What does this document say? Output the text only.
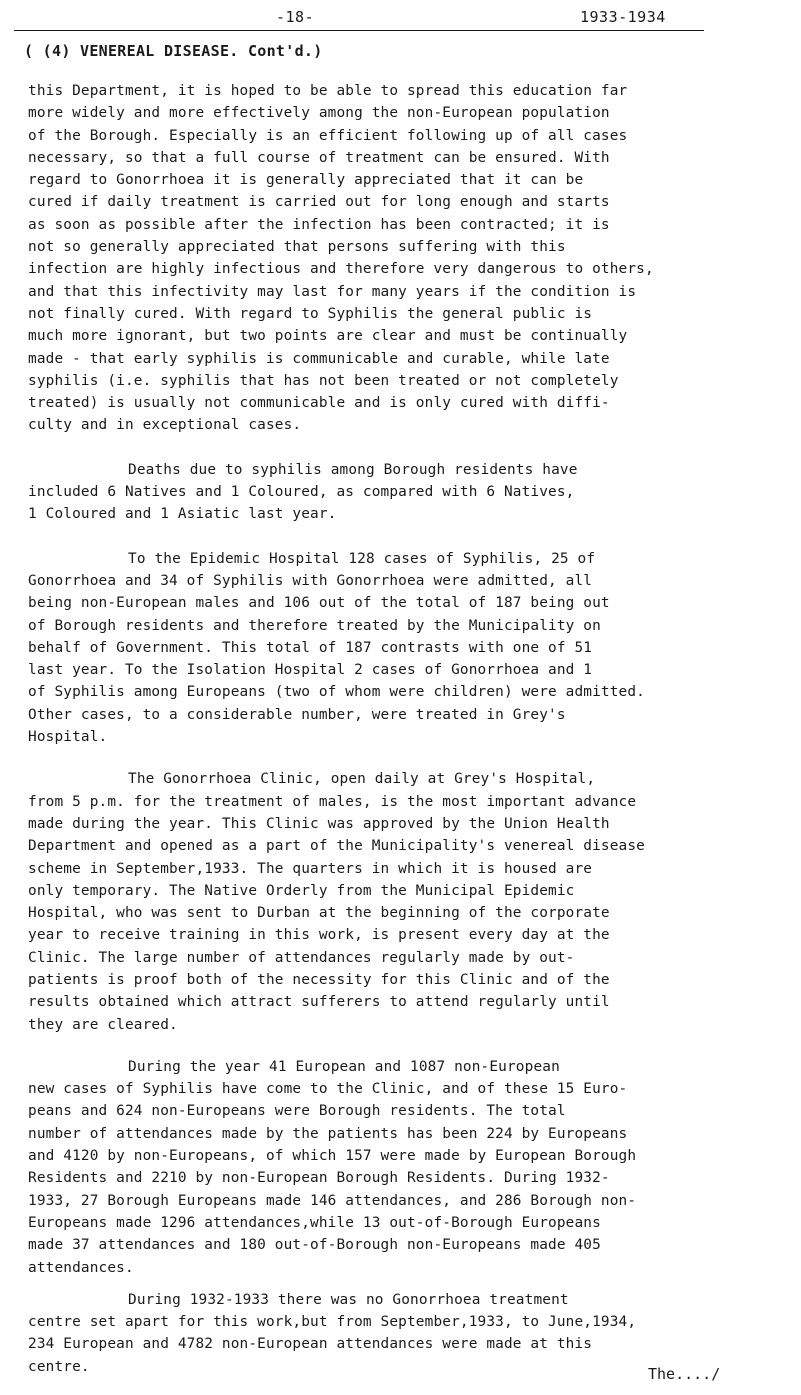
-18-	1933-1934
( (4) VENEREAL DISEASE. Cont'd.)
this Department, it is hoped to be able to spread this education far
more widely and more effectively among the non-European population
of the Borough. Especially is an efficient following up of all cases
necessary, so that a full course of treatment can be ensured. With
regard to Gonorrhoea it is generally appreciated that it can be
cured if daily treatment is carried out for long enough and starts
as soon as possible after the infection has been contracted; it is
not so generally appreciated that persons suffering with this
infection are highly infectious and therefore very dangerous to others,
and that this infectivity may last for many years if the condition is
not finally cured. With regard to Syphilis the general public is
much more ignorant, but two points are clear and must be continually
made - that early syphilis is communicable and curable, while late
syphilis (i.e. syphilis that has not been treated or not completely
treated) is usually not communicable and is only cured with diffi-
culty and in exceptional cases.
Deaths due to syphilis among Borough residents have
included 6 Natives and 1 Coloured, as compared with 6 Natives,
1 Coloured and 1 Asiatic last year.
To the Epidemic Hospital 128 cases of Syphilis, 25 of
Gonorrhoea and 34 of Syphilis with Gonorrhoea were admitted, all
being non-European males and 106 out of the total of 187 being out
of Borough residents and therefore treated by the Municipality on
behalf of Government. This total of 187 contrasts with one of 51
last year. To the Isolation Hospital 2 cases of Gonorrhoea and 1
of Syphilis among Europeans (two of whom were children) were admitted.
Other cases, to a considerable number, were treated in Grey's
Hospital.
The Gonorrhoea Clinic, open daily at Grey's Hospital,
from 5 p.m. for the treatment of males, is the most important advance
made during the year. This Clinic was approved by the Union Health
Department and opened as a part of the Municipality's venereal disease
scheme in September,1933. The quarters in which it is housed are
only temporary. The Native Orderly from the Municipal Epidemic
Hospital, who was sent to Durban at the beginning of the corporate
year to receive training in this work, is present every day at the
Clinic. The large number of attendances regularly made by out-
patients is proof both of the necessity for this Clinic and of the
results obtained which attract sufferers to attend regularly until
they are cleared.
During the year 41 European and 1087 non-European
new cases of Syphilis have come to the Clinic, and of these 15 Euro-
peans and 624 non-Europeans were Borough residents. The total
number of attendances made by the patients has been 224 by Europeans
and 4120 by non-Europeans, of which 157 were made by European Borough
Residents and 2210 by non-European Borough Residents. During 1932-
1933, 27 Borough Europeans made 146 attendances, and 286 Borough non-
Europeans made 1296 attendances,while 13 out-of-Borough Europeans
made 37 attendances and 180 out-of-Borough non-Europeans made 405
attendances.
During 1932-1933 there was no Gonorrhoea treatment
centre set apart for this work,but from September,1933, to June,1934,
234 European and 4782 non-European attendances were made at this
centre.	The..../
